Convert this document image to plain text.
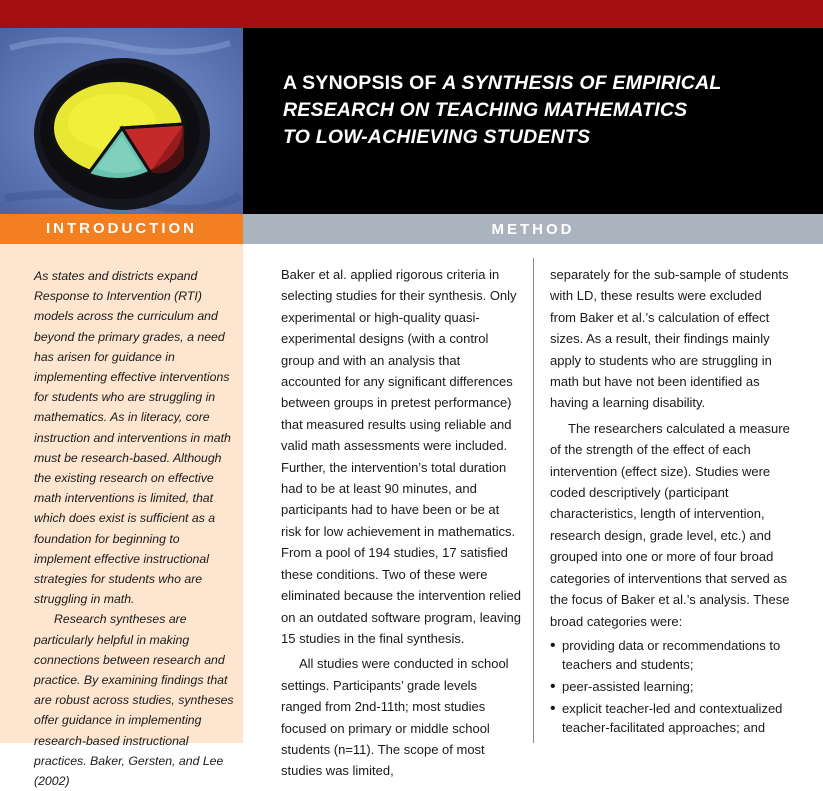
A SYNOPSIS OF A SYNTHESIS OF EMPIRICAL
RESEARCH ON TEACHING MATHEMATICS
TO LOW-ACHIEVING STUDENTS
INTRODUCTION	METHOD

As states and districts expand Response to Intervention (RTI) models across the curriculum and beyond the primary grades, a need has arisen for guidance in implementing effective interventions for students who are struggling in mathematics. As in literacy, core instruction and interventions in math must be research-based. Although the existing research on effective math interventions is limited, that which does exist is sufficient as a foundation for beginning to implement effective instructional strategies for students who are struggling in math.

Research syntheses are particularly helpful in making connections between research and practice. By examining findings that are robust across studies, syntheses offer guidance in implementing research-based instructional practices. Baker, Gersten, and Lee (2002)

Baker et al. applied rigorous criteria in selecting studies for their synthesis. Only experimental or high-quality quasi-experimental designs (with a control group and with an analysis that accounted for any significant differences between groups in pretest performance) that measured results using reliable and valid math assessments were included. Further, the intervention’s total duration had to be at least 90 minutes, and participants had to have been or be at risk for low achievement in mathematics. From a pool of 194 studies, 17 satisfied these conditions. Two of these were eliminated because the intervention relied on an outdated software program, leaving 15 studies in the final synthesis.

All studies were conducted in school settings. Participants’ grade levels ranged from 2nd-11th; most studies focused on primary or middle school students (n=11). The scope of most studies was limited,

separately for the sub-sample of students with LD, these results were excluded from Baker et al.’s calculation of effect sizes. As a result, their findings mainly apply to students who are struggling in math but have not been identified as having a learning disability.

The researchers calculated a measure of the strength of the effect of each intervention (effect size). Studies were coded descriptively (participant characteristics, length of intervention, research design, grade level, etc.) and grouped into one or more of four broad categories of interventions that served as the focus of Baker et al.’s analysis. These broad categories were:

• providing data or recommendations to teachers and students;
• peer-assisted learning;
• explicit teacher-led and contextualized teacher-facilitated approaches; and
